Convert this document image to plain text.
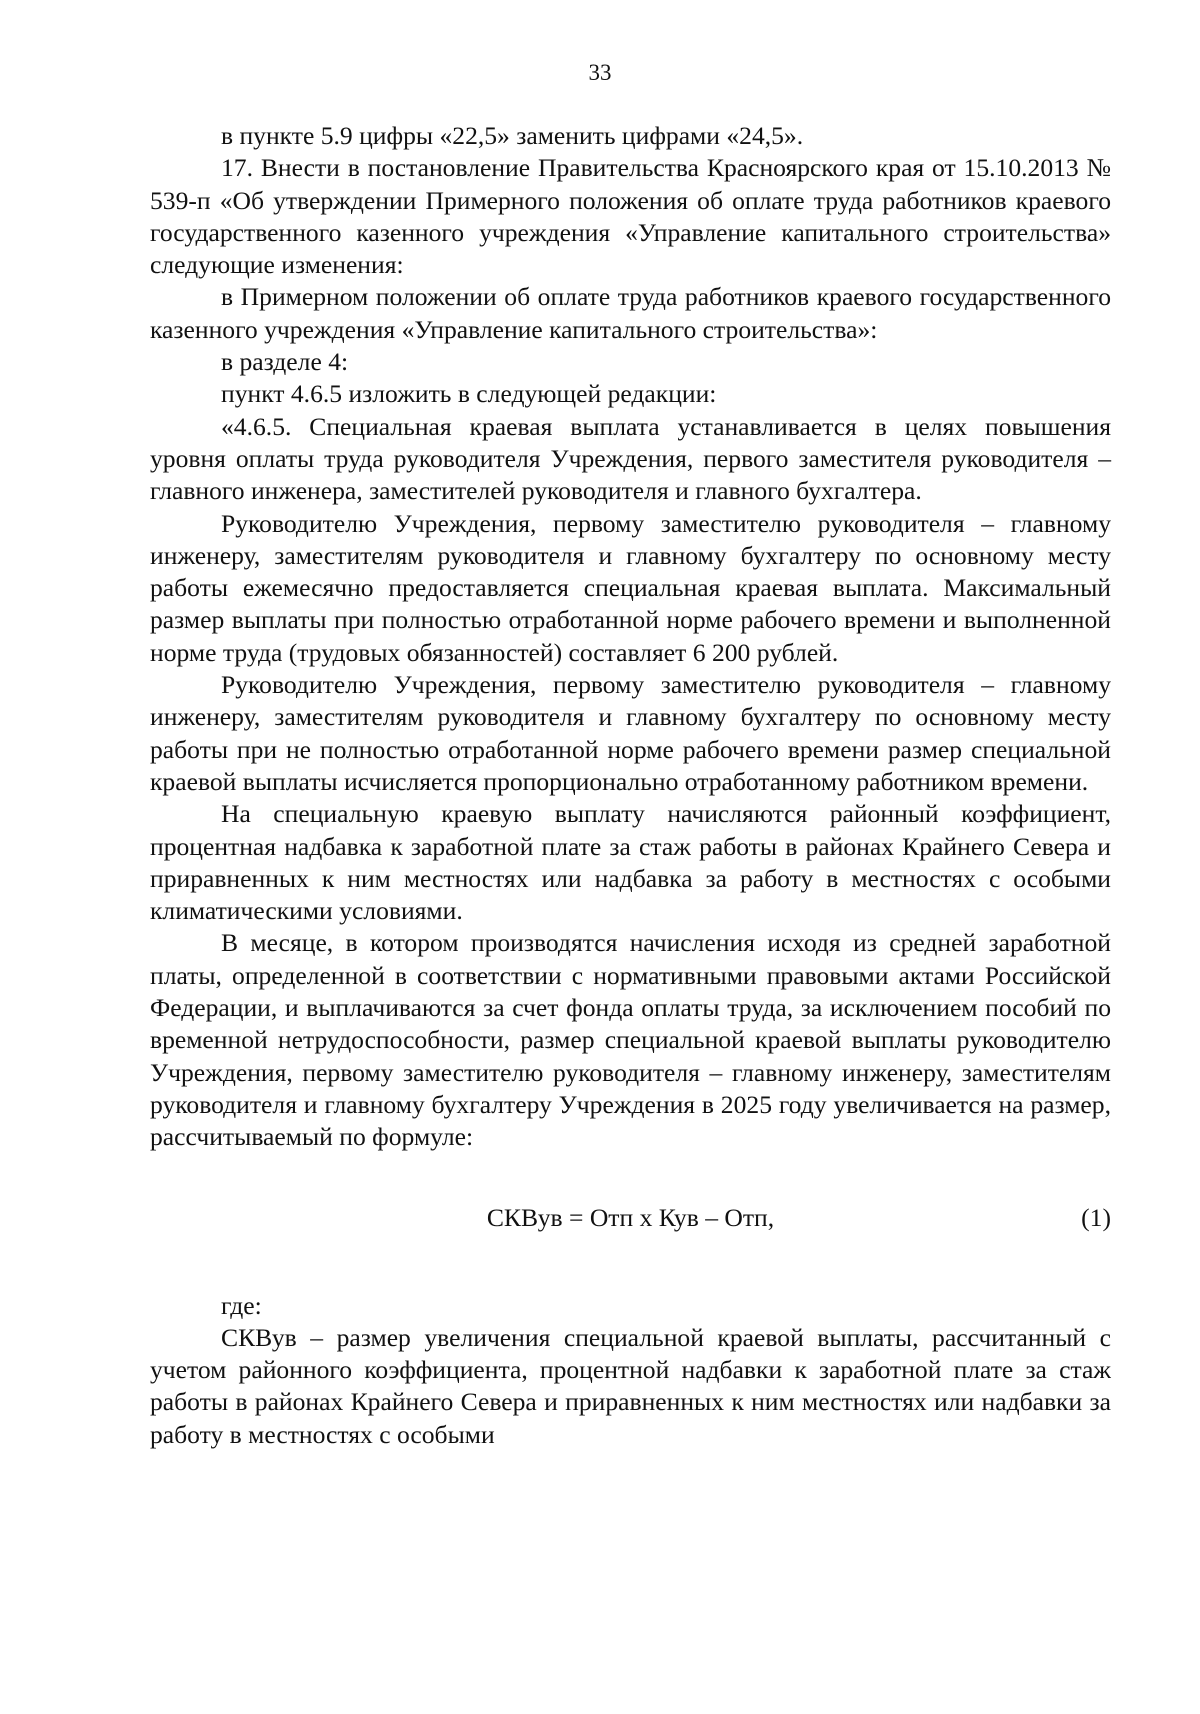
33

в пункте 5.9 цифры «22,5» заменить цифрами «24,5».

17. Внести в постановление Правительства Красноярского края от 15.10.2013 № 539-п «Об утверждении Примерного положения об оплате труда работников краевого государственного казенного учреждения «Управление капитального строительства» следующие изменения:

в Примерном положении об оплате труда работников краевого государственного казенного учреждения «Управление капитального строительства»:

в разделе 4:

пункт 4.6.5 изложить в следующей редакции:

«4.6.5. Специальная краевая выплата устанавливается в целях повышения уровня оплаты труда руководителя Учреждения, первого заместителя руководителя – главного инженера, заместителей руководителя и главного бухгалтера.

Руководителю Учреждения, первому заместителю руководителя – главному инженеру, заместителям руководителя и главному бухгалтеру по основному месту работы ежемесячно предоставляется специальная краевая выплата. Максимальный размер выплаты при полностью отработанной норме рабочего времени и выполненной норме труда (трудовых обязанностей) составляет 6 200 рублей.

Руководителю Учреждения, первому заместителю руководителя – главному инженеру, заместителям руководителя и главному бухгалтеру по основному месту работы при не полностью отработанной норме рабочего времени размер специальной краевой выплаты исчисляется пропорционально отработанному работником времени.

На специальную краевую выплату начисляются районный коэффициент, процентная надбавка к заработной плате за стаж работы в районах Крайнего Севера и приравненных к ним местностях или надбавка за работу в местностях с особыми климатическими условиями.

В месяце, в котором производятся начисления исходя из средней заработной платы, определенной в соответствии с нормативными правовыми актами Российской Федерации, и выплачиваются за счет фонда оплаты труда, за исключением пособий по временной нетрудоспособности, размер специальной краевой выплаты руководителю Учреждения, первому заместителю руководителя – главному инженеру, заместителям руководителя и главному бухгалтеру Учреждения в 2025 году увеличивается на размер, рассчитываемый по формуле:

СКВув = Отп х Кув – Отп,	(1)

где:

СКВув – размер увеличения специальной краевой выплаты, рассчитанный с учетом районного коэффициента, процентной надбавки к заработной плате за стаж работы в районах Крайнего Севера и приравненных к ним местностях или надбавки за работу в местностях с особыми
